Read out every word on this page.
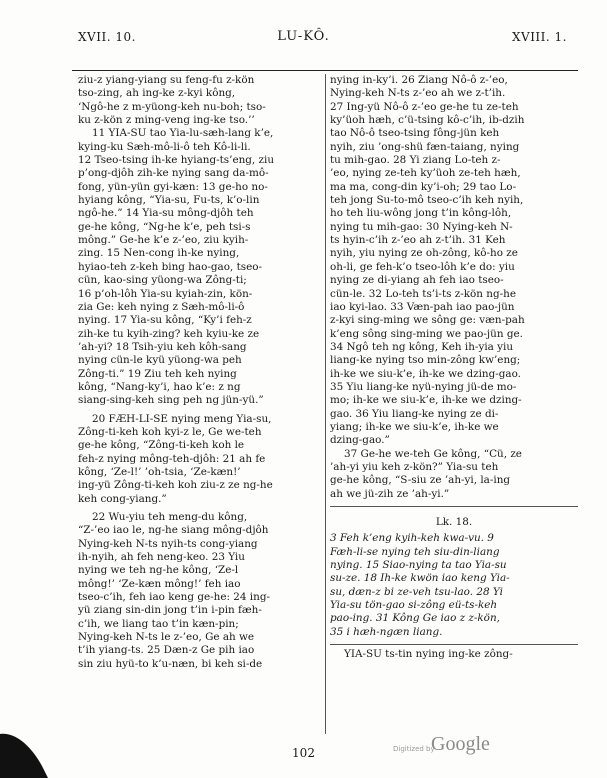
XVII. 10.	LU-KÔ.	XVIII. 1.
ziu-z yiang-yiang su feng-fu z-kön
tso-zing, ah ing-ke z-kyi kông,
‘Ngô-he z m-yüong-keh nu-boh; tso-
ku z-kön z ming-veng ing-ke tso.’’
11 YIA-SU tao Yia-lu-sæh-lang k’e,
kying-ku Sæh-mô-li-ô teh Kô-li-li.
12 Tseo-tsing ih-ke hyiang-ts’eng, ziu
p’ong-djôh zih-ke nying sang da-mô-
fong, yün-yün gyi-kæn: 13 ge-ho no-
hyiang kông, “Yia-su, Fu-ts, k’o-lin
ngô-he.” 14 Yia-su mông-djôh teh
ge-he kông, “Ng-he k’e, peh tsi-s
mông.” Ge-he k’e z-’eo, ziu kyih-
zing. 15 Nen-cong ih-ke nying,
hyiao-teh z-keh bing hao-gao, tseo-
cün, kao-sing yüong-wa Zông-ti;
16 p’oh-lôh Yia-su kyiah-zin, kön-
zia Ge: keh nying z Sæh-mô-li-ô
nying. 17 Yia-su kông, “Ky’i feh-z
zih-ke tu kyih-zing? keh kyiu-ke ze
’ah-yi? 18 Tsih-yiu keh kôh-sang
nying cün-le kyü yüong-wa peh
Zông-ti.” 19 Ziu teh keh nying
kông, “Nang-ky’i, hao k’e: z ng
siang-sing-keh sing peh ng jün-yü.”
20 FÆH-LI-SE nying meng Yia-su,
Zông-ti-keh koh kyi-z le, Ge we-teh
ge-he kông, “Zông-ti-keh koh le
feh-z nying mông-teh-djôh: 21 ah fe
kông, ‘Ze-l!’ ’oh-tsia, ‘Ze-kæn!’
ing-yü Zông-ti-keh koh ziu-z ze ng-he
keh cong-yiang.”
22 Wu-yiu teh meng-du kông,
“Z-’eo iao le, ng-he siang mông-djôh
Nying-keh N-ts nyih-ts cong-yiang
ih-nyih, ah feh neng-keo. 23 Yiu
nying we teh ng-he kông, ‘Ze-l
mông!’ ‘Ze-kæn mông!’ feh iao
tseo-c’ih, feh iao keng ge-he: 24 ing-
yü ziang sin-din jong t’in i-pin fæh-
c’ih, we liang tao t’in kæn-pin;
Nying-keh N-ts le z-’eo, Ge ah we
t’ih yiang-ts. 25 Dæn-z Ge pih iao
sin ziu hyü-to k’u-næn, bi keh si-de
nying in-ky’i. 26 Ziang Nô-ô z-’eo,
Nying-keh N-ts z-’eo ah we z-t’ih.
27 Ing-yü Nô-ô z-’eo ge-he tu ze-teh
ky’üoh hæh, c’ü-tsing kô-c’ih, ib-dzih
tao Nô-ô tseo-tsing fông-jün keh
nyih, ziu ’ong-shü fæn-taiang, nying
tu mih-gao. 28 Yi ziang Lo-teh z-
’eo, nying ze-teh ky’üoh ze-teh hæh,
ma ma, cong-din ky’i-oh; 29 tao Lo-
teh jong Su-to-mô tseo-c’ih keh nyih,
ho teh liu-wông jong t’in kông-lôh,
nying tu mih-gao: 30 Nying-keh N-
ts hyin-c’ih z-’eo ah z-t’ih. 31 Keh
nyih, yiu nying ze oh-zông, kô-ho ze
oh-li, ge feh-k’o tseo-lôh k’e do: yiu
nying ze di-yiang ah feh iao tseo-
cün-le. 32 Lo-teh ts’i-ts z-kön ng-he
iao kyi-lao. 33 Væn-pah iao pao-jün
z-kyi sing-ming we sông ge: væn-pah
k’eng sông sing-ming we pao-jün ge.
34 Ngô teh ng kông, Keh ih-yia yiu
liang-ke nying tso min-zông kw’eng;
ih-ke we siu-k’e, ih-ke we dzing-gao.
35 Yiu liang-ke nyü-nying jü-de mo-
mo; ih-ke we siu-k’e, ih-ke we dzing-
gao. 36 Yiu liang-ke nying ze di-
yiang; ih-ke we siu-k’e, ih-ke we
dzing-gao.”
37 Ge-he we-teh Ge kông, “Cü, ze
’ah-yi yiu keh z-kön?” Yia-su teh
ge-he kông, “S-siu ze ’ah-yi, la-ing
ah we jü-zih ze ’ah-yi.”
Lk. 18.
3 Feh k’eng kyih-keh kwa-vu. 9
Fæh-li-se nying teh siu-din-liang
nying. 15 Siao-nying ta tao Yia-su
su-ze. 18 Ih-ke kwön iao keng Yia-
su, dæn-z bi ze-veh tsu-lao. 28 Yi
Yia-su tön-gao si-zông eü-ts-keh
pao-ing. 31 Kông Ge iao z z-kön,
35 i hæh-ngæn liang.
YIA-SU ts-tin nying ing-ke zông-
102	Digitized by
Google
